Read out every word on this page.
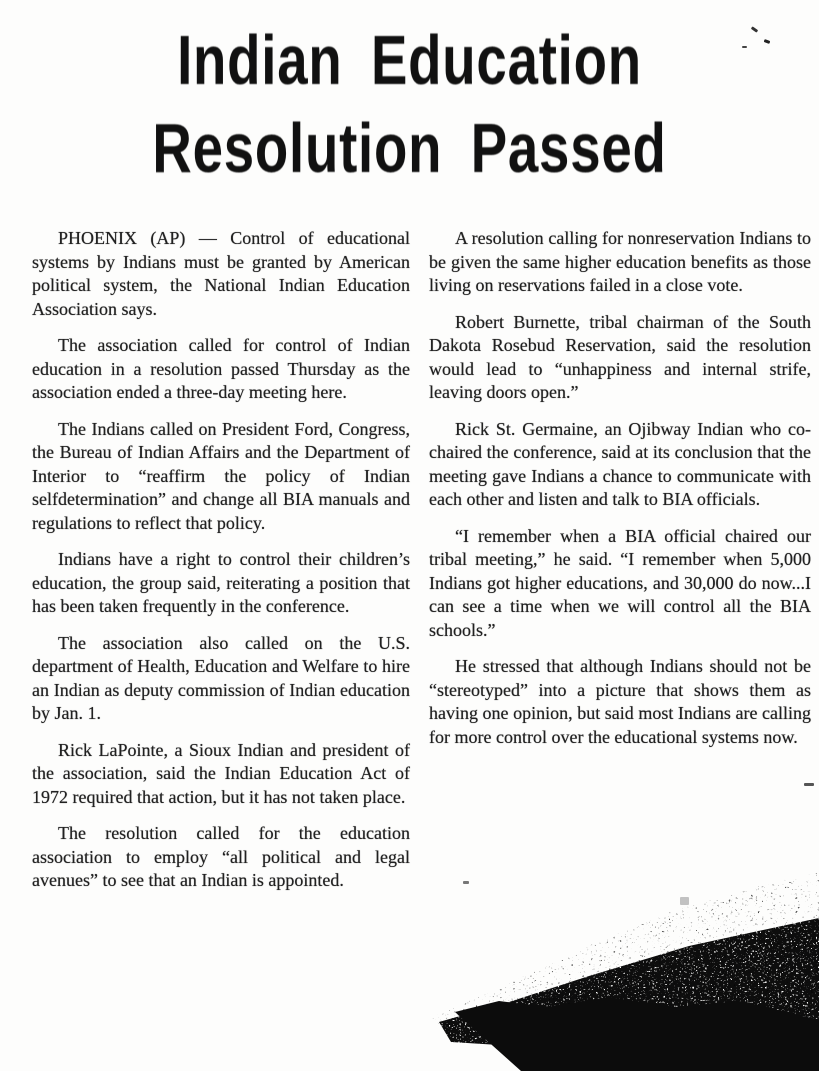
Indian Education
Resolution Passed

PHOENIX (AP) — Control of educational systems by Indians must be granted by American political system, the National Indian Education Association says.

The association called for control of Indian education in a resolution passed Thursday as the association ended a three-day meeting here.

The Indians called on President Ford, Congress, the Bureau of Indian Affairs and the Department of Interior to “reaffirm the policy of Indian selfdetermination” and change all BIA manuals and regulations to reflect that policy.

Indians have a right to control their children’s education, the group said, reiterating a position that has been taken frequently in the conference.

The association also called on the U.S. department of Health, Education and Welfare to hire an Indian as deputy commission of Indian education by Jan. 1.

Rick LaPointe, a Sioux Indian and president of the association, said the Indian Education Act of 1972 required that action, but it has not taken place.

The resolution called for the education association to employ “all political and legal avenues” to see that an Indian is appointed.

A resolution calling for nonreservation Indians to be given the same higher education benefits as those living on reservations failed in a close vote.

Robert Burnette, tribal chairman of the South Dakota Rosebud Reservation, said the resolution would lead to “unhappiness and internal strife, leaving doors open.”

Rick St. Germaine, an Ojibway Indian who co-chaired the conference, said at its conclusion that the meeting gave Indians a chance to communicate with each other and listen and talk to BIA officials.

“I remember when a BIA official chaired our tribal meeting,” he said. “I remember when 5,000 Indians got higher educations, and 30,000 do now...I can see a time when we will control all the BIA schools.”

He stressed that although Indians should not be “stereotyped” into a picture that shows them as having one opinion, but said most Indians are calling for more control over the educational systems now.
